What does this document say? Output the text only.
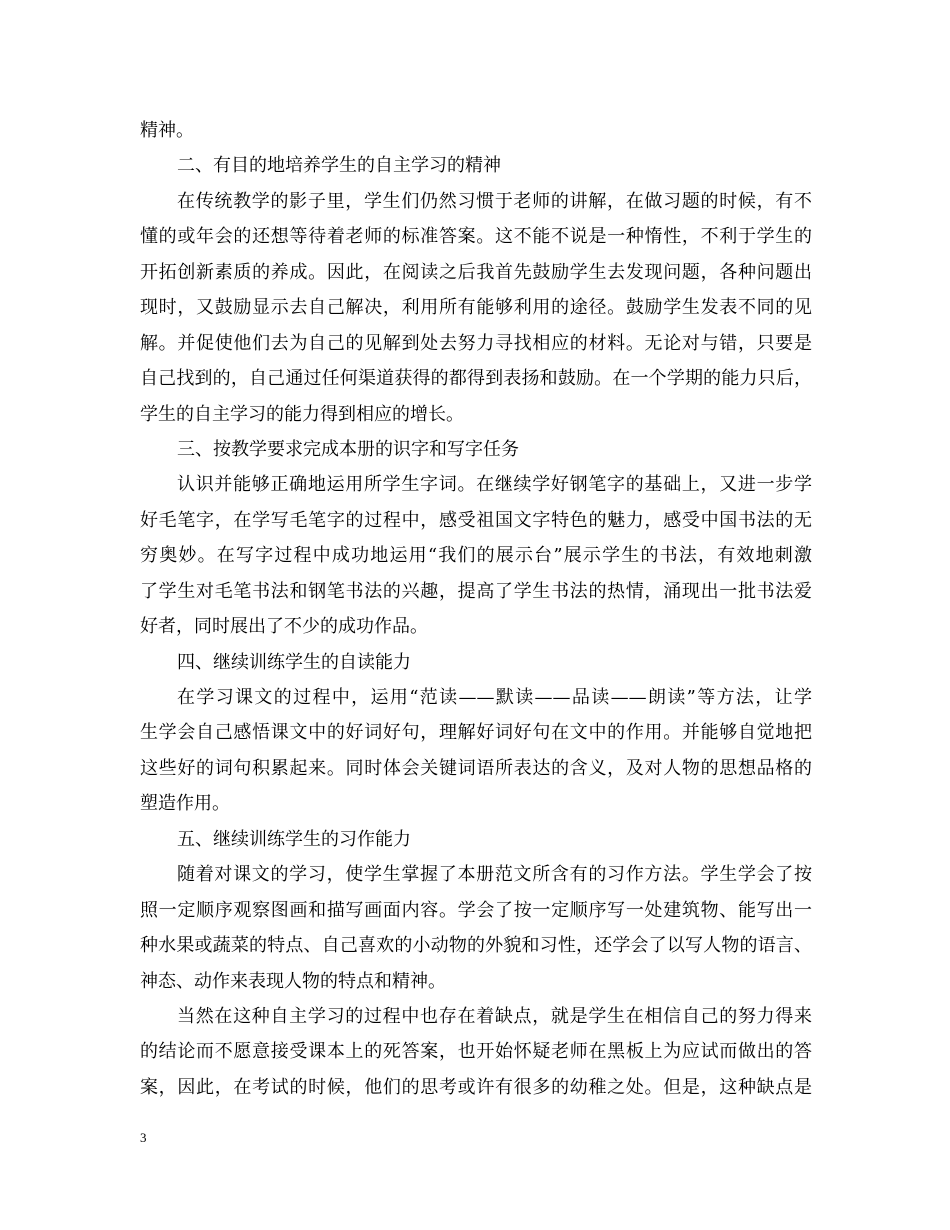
精神。
二、有目的地培养学生的自主学习的精神
在传统教学的影子里，学生们仍然习惯于老师的讲解，在做习题的时候，有不
懂的或年会的还想等待着老师的标准答案。这不能不说是一种惰性，不利于学生的
开拓创新素质的养成。因此，在阅读之后我首先鼓励学生去发现问题，各种问题出
现时，又鼓励显示去自己解决，利用所有能够利用的途径。鼓励学生发表不同的见
解。并促使他们去为自己的见解到处去努力寻找相应的材料。无论对与错，只要是
自己找到的，自己通过任何渠道获得的都得到表扬和鼓励。在一个学期的能力只后，
学生的自主学习的能力得到相应的增长。
三、按教学要求完成本册的识字和写字任务
认识并能够正确地运用所学生字词。在继续学好钢笔字的基础上，又进一步学
好毛笔字，在学写毛笔字的过程中，感受祖国文字特色的魅力，感受中国书法的无
穷奥妙。在写字过程中成功地运用“我们的展示台”展示学生的书法，有效地刺激
了学生对毛笔书法和钢笔书法的兴趣，提高了学生书法的热情，涌现出一批书法爱
好者，同时展出了不少的成功作品。
四、继续训练学生的自读能力
在学习课文的过程中，运用“范读——默读——品读——朗读”等方法，让学
生学会自己感悟课文中的好词好句，理解好词好句在文中的作用。并能够自觉地把
这些好的词句积累起来。同时体会关键词语所表达的含义，及对人物的思想品格的
塑造作用。
五、继续训练学生的习作能力
随着对课文的学习，使学生掌握了本册范文所含有的习作方法。学生学会了按
照一定顺序观察图画和描写画面内容。学会了按一定顺序写一处建筑物、能写出一
种水果或蔬菜的特点、自己喜欢的小动物的外貌和习性，还学会了以写人物的语言、
神态、动作来表现人物的特点和精神。
当然在这种自主学习的过程中也存在着缺点，就是学生在相信自己的努力得来
的结论而不愿意接受课本上的死答案，也开始怀疑老师在黑板上为应试而做出的答
案，因此，在考试的时候，他们的思考或许有很多的幼稚之处。但是，这种缺点是
3
